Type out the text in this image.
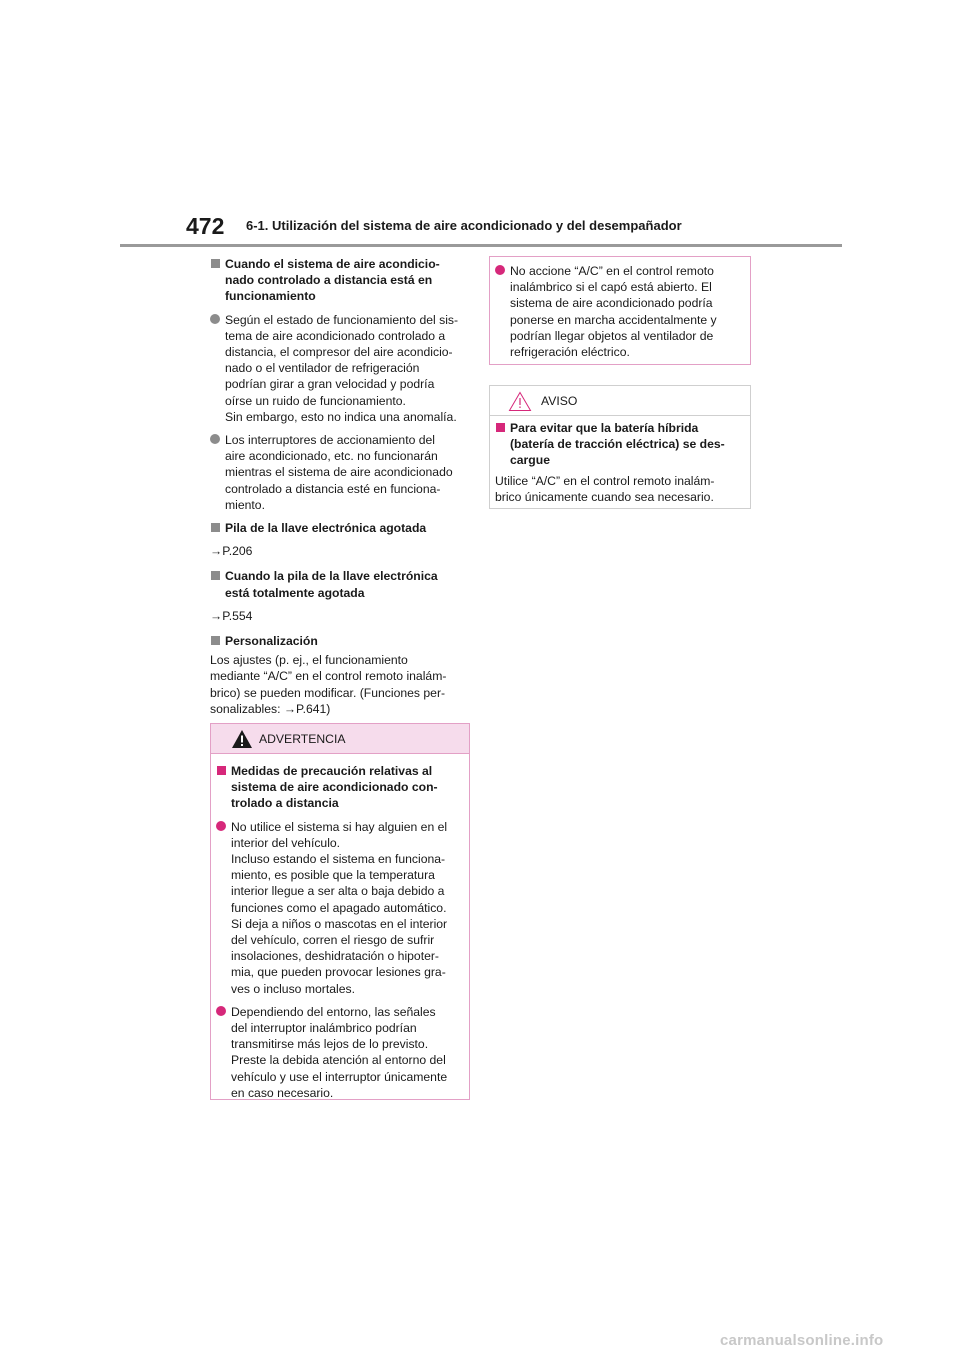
472 6-1. Utilización del sistema de aire acondicionado y del desempañador
Cuando el sistema de aire acondicio-
nado controlado a distancia está en
funcionamiento
Según el estado de funcionamiento del sis-
tema de aire acondicionado controlado a
distancia, el compresor del aire acondicio-
nado o el ventilador de refrigeración
podrían girar a gran velocidad y podría
oírse un ruido de funcionamiento.
Sin embargo, esto no indica una anomalía.
Los interruptores de accionamiento del
aire acondicionado, etc. no funcionarán
mientras el sistema de aire acondicionado
controlado a distancia esté en funciona-
miento.
Pila de la llave electrónica agotada
→P.206
Cuando la pila de la llave electrónica
está totalmente agotada
→P.554
Personalización
Los ajustes (p. ej., el funcionamiento
mediante “A/C” en el control remoto inalám-
brico) se pueden modificar. (Funciones per-
sonalizables: →P.641)
ADVERTENCIA
Medidas de precaución relativas al
sistema de aire acondicionado con-
trolado a distancia
No utilice el sistema si hay alguien en el
interior del vehículo.
Incluso estando el sistema en funciona-
miento, es posible que la temperatura
interior llegue a ser alta o baja debido a
funciones como el apagado automático.
Si deja a niños o mascotas en el interior
del vehículo, corren el riesgo de sufrir
insolaciones, deshidratación o hipoter-
mia, que pueden provocar lesiones gra-
ves o incluso mortales.
Dependiendo del entorno, las señales
del interruptor inalámbrico podrían
transmitirse más lejos de lo previsto.
Preste la debida atención al entorno del
vehículo y use el interruptor únicamente
en caso necesario.
No accione “A/C” en el control remoto
inalámbrico si el capó está abierto. El
sistema de aire acondicionado podría
ponerse en marcha accidentalmente y
podrían llegar objetos al ventilador de
refrigeración eléctrico.
AVISO
Para evitar que la batería híbrida
(batería de tracción eléctrica) se des-
cargue
Utilice “A/C” en el control remoto inalám-
brico únicamente cuando sea necesario.
carmanualsonline.info
